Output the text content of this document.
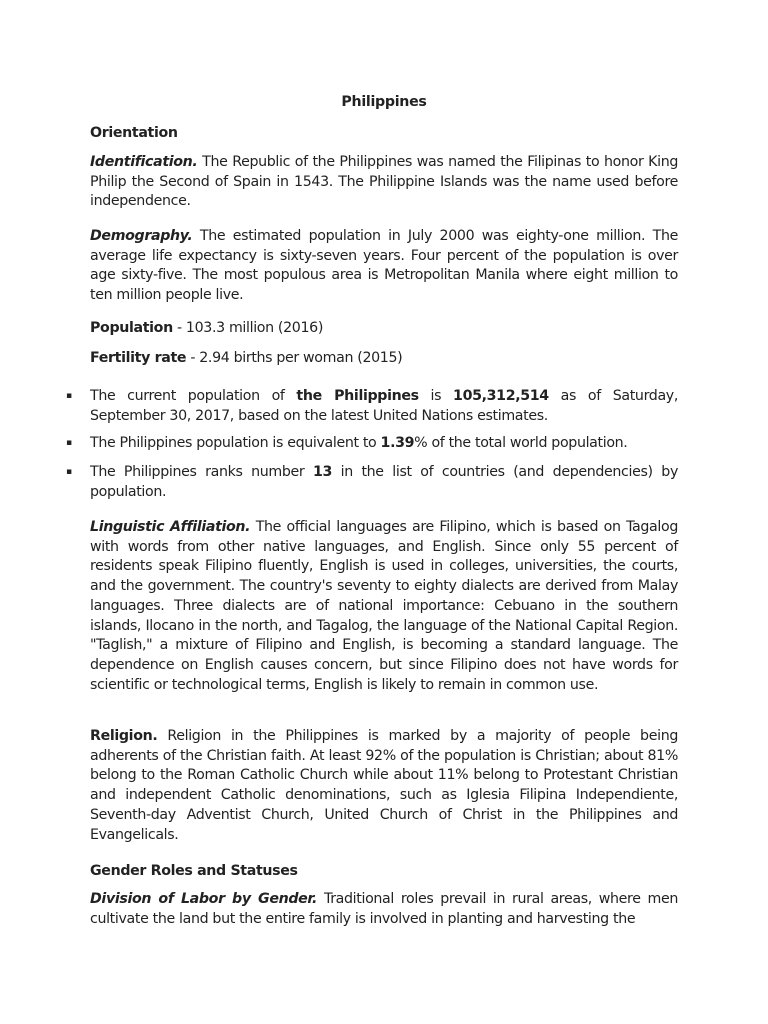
Philippines
Orientation
Identification. The Republic of the Philippines was named the Filipinas to honor King Philip the Second of Spain in 1543. The Philippine Islands was the name used before independence.
Demography. The estimated population in July 2000 was eighty-one million. The average life expectancy is sixty-seven years. Four percent of the population is over age sixty-five. The most populous area is Metropolitan Manila where eight million to ten million people live.
Population - 103.3 million (2016)
Fertility rate - 2.94 births per woman (2015)
▪ The current population of the Philippines is 105,312,514 as of Saturday, September 30, 2017, based on the latest United Nations estimates.
▪ The Philippines population is equivalent to 1.39% of the total world population.
▪ The Philippines ranks number 13 in the list of countries (and dependencies) by population.
Linguistic Affiliation. The official languages are Filipino, which is based on Tagalog with words from other native languages, and English. Since only 55 percent of residents speak Filipino fluently, English is used in colleges, universities, the courts, and the government. The country's seventy to eighty dialects are derived from Malay languages. Three dialects are of national importance: Cebuano in the southern islands, Ilocano in the north, and Tagalog, the language of the National Capital Region. "Taglish," a mixture of Filipino and English, is becoming a standard language. The dependence on English causes concern, but since Filipino does not have words for scientific or technological terms, English is likely to remain in common use.
Religion. Religion in the Philippines is marked by a majority of people being adherents of the Christian faith. At least 92% of the population is Christian; about 81% belong to the Roman Catholic Church while about 11% belong to Protestant Christian and independent Catholic denominations, such as Iglesia Filipina Independiente, Seventh-day Adventist Church, United Church of Christ in the Philippines and Evangelicals.
Gender Roles and Statuses
Division of Labor by Gender. Traditional roles prevail in rural areas, where men cultivate the land but the entire family is involved in planting and harvesting the
